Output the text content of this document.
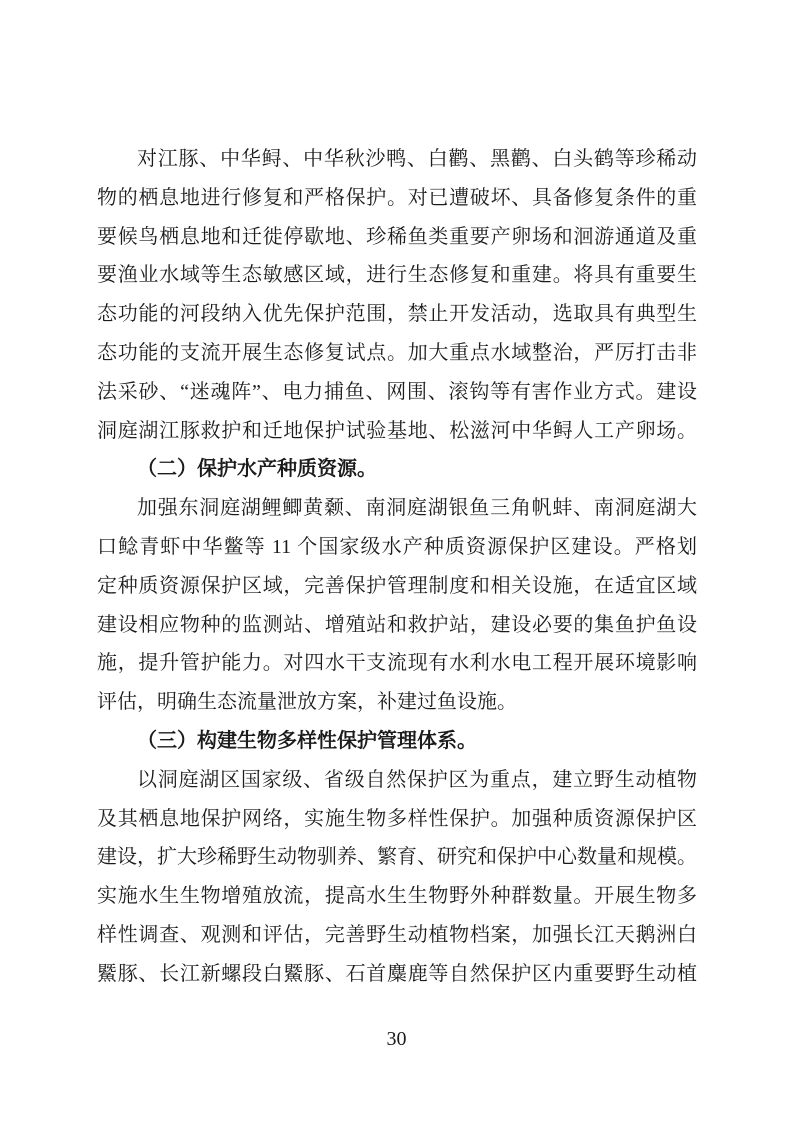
对江豚、中华鲟、中华秋沙鸭、白鹳、黑鹳、白头鹤等珍稀动
物的栖息地进行修复和严格保护。对已遭破坏、具备修复条件的重
要候鸟栖息地和迁徙停歇地、珍稀鱼类重要产卵场和洄游通道及重
要渔业水域等生态敏感区域，进行生态修复和重建。将具有重要生
态功能的河段纳入优先保护范围，禁止开发活动，选取具有典型生
态功能的支流开展生态修复试点。加大重点水域整治，严厉打击非
法采砂、“迷魂阵”、电力捕鱼、网围、滚钩等有害作业方式。建设
洞庭湖江豚救护和迁地保护试验基地、松滋河中华鲟人工产卵场。
（二）保护水产种质资源。
加强东洞庭湖鲤鲫黄颡、南洞庭湖银鱼三角帆蚌、南洞庭湖大
口鲶青虾中华鳖等 11 个国家级水产种质资源保护区建设。严格划
定种质资源保护区域，完善保护管理制度和相关设施，在适宜区域
建设相应物种的监测站、增殖站和救护站，建设必要的集鱼护鱼设
施，提升管护能力。对四水干支流现有水利水电工程开展环境影响
评估，明确生态流量泄放方案，补建过鱼设施。
（三）构建生物多样性保护管理体系。
以洞庭湖区国家级、省级自然保护区为重点，建立野生动植物
及其栖息地保护网络，实施生物多样性保护。加强种质资源保护区
建设，扩大珍稀野生动物驯养、繁育、研究和保护中心数量和规模。
实施水生生物增殖放流，提高水生生物野外种群数量。开展生物多
样性调查、观测和评估，完善野生动植物档案，加强长江天鹅洲白
鱀豚、长江新螺段白鱀豚、石首麋鹿等自然保护区内重要野生动植
30
